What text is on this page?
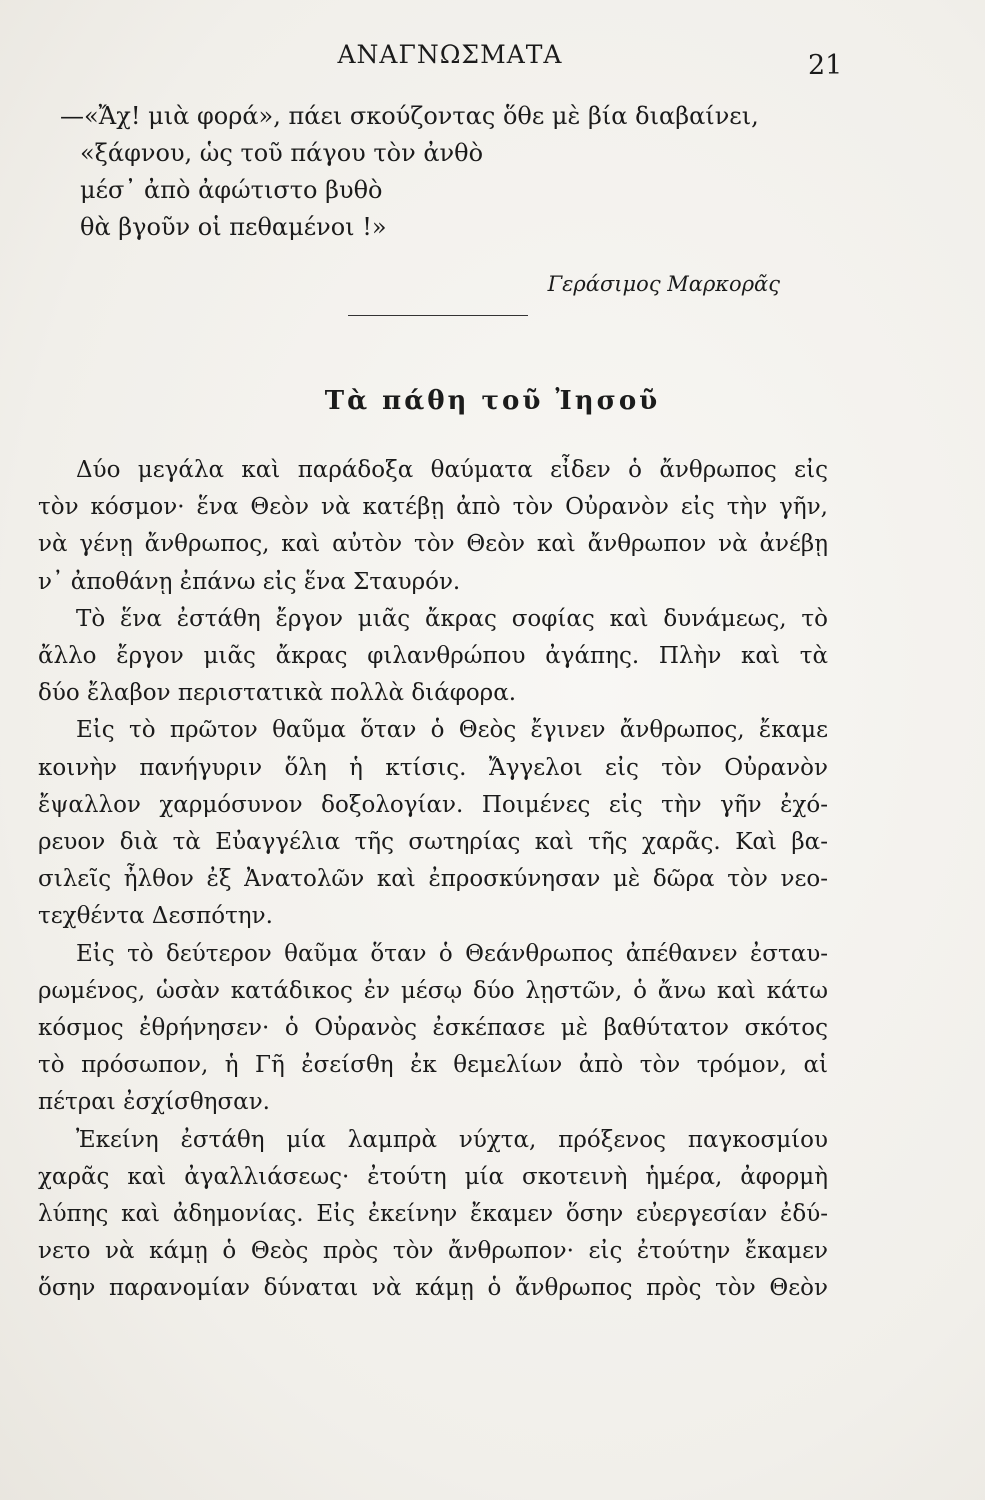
ΑΝΑΓΝΩΣΜΑΤΑ	21
—«Ἄχ! μιὰ φορά», πάει σκούζοντας ὅθε μὲ βία διαβαίνει,
«ξάφνου, ὡς τοῦ πάγου τὸν ἀνθὸ
μέσ᾽ ἀπὸ ἀφώτιστο βυθὸ
θὰ βγοῦν οἱ πεθαμένοι !»
Γεράσιμος Μαρκορᾶς
Τὰ πάθη τοῦ Ἰησοῦ

Δύο μεγάλα καὶ παράδοξα θαύματα εἶδεν ὁ ἄνθρωπος εἰς
τὸν κόσμον· ἕνα Θεὸν νὰ κατέβῃ ἀπὸ τὸν Οὐρανὸν εἰς τὴν γῆν,
νὰ γένῃ ἄνθρωπος, καὶ αὐτὸν τὸν Θεὸν καὶ ἄνθρωπον νὰ ἀνέβῃ
ν᾽ ἀποθάνῃ ἐπάνω εἰς ἕνα Σταυρόν.

Τὸ ἕνα ἐστάθη ἔργον μιᾶς ἄκρας σοφίας καὶ δυνάμεως, τὸ
ἄλλο ἔργον μιᾶς ἄκρας φιλανθρώπου ἀγάπης. Πλὴν καὶ τὰ
δύο ἔλαβον περιστατικὰ πολλὰ διάφορα.

Εἰς τὸ πρῶτον θαῦμα ὅταν ὁ Θεὸς ἔγινεν ἄνθρωπος, ἔκαμε
κοινὴν πανήγυριν ὅλη ἡ κτίσις. Ἄγγελοι εἰς τὸν Οὐρανὸν
ἔψαλλον χαρμόσυνον δοξολογίαν. Ποιμένες εἰς τὴν γῆν ἐχό-
ρευον διὰ τὰ Εὐαγγέλια τῆς σωτηρίας καὶ τῆς χαρᾶς. Καὶ βα-
σιλεῖς ἦλθον ἐξ Ἀνατολῶν καὶ ἐπροσκύνησαν μὲ δῶρα τὸν νεο-
τεχθέντα Δεσπότην.

Εἰς τὸ δεύτερον θαῦμα ὅταν ὁ Θεάνθρωπος ἀπέθανεν ἐσταυ-
ρωμένος, ὡσὰν κατάδικος ἐν μέσῳ δύο λῃστῶν, ὁ ἄνω καὶ κάτω
κόσμος ἐθρήνησεν· ὁ Οὐρανὸς ἐσκέπασε μὲ βαθύτατον σκότος
τὸ πρόσωπον, ἡ Γῆ ἐσείσθη ἐκ θεμελίων ἀπὸ τὸν τρόμον, αἱ
πέτραι ἐσχίσθησαν.

Ἐκείνη ἐστάθη μία λαμπρὰ νύχτα, πρόξενος παγκοσμίου
χαρᾶς καὶ ἀγαλλιάσεως· ἐτούτη μία σκοτεινὴ ἡμέρα, ἀφορμὴ
λύπης καὶ ἀδημονίας. Εἰς ἐκείνην ἔκαμεν ὅσην εὐεργεσίαν ἐδύ-
νετο νὰ κάμῃ ὁ Θεὸς πρὸς τὸν ἄνθρωπον· εἰς ἐτούτην ἔκαμεν
ὅσην παρανομίαν δύναται νὰ κάμῃ ὁ ἄνθρωπος πρὸς τὸν Θεὸν
